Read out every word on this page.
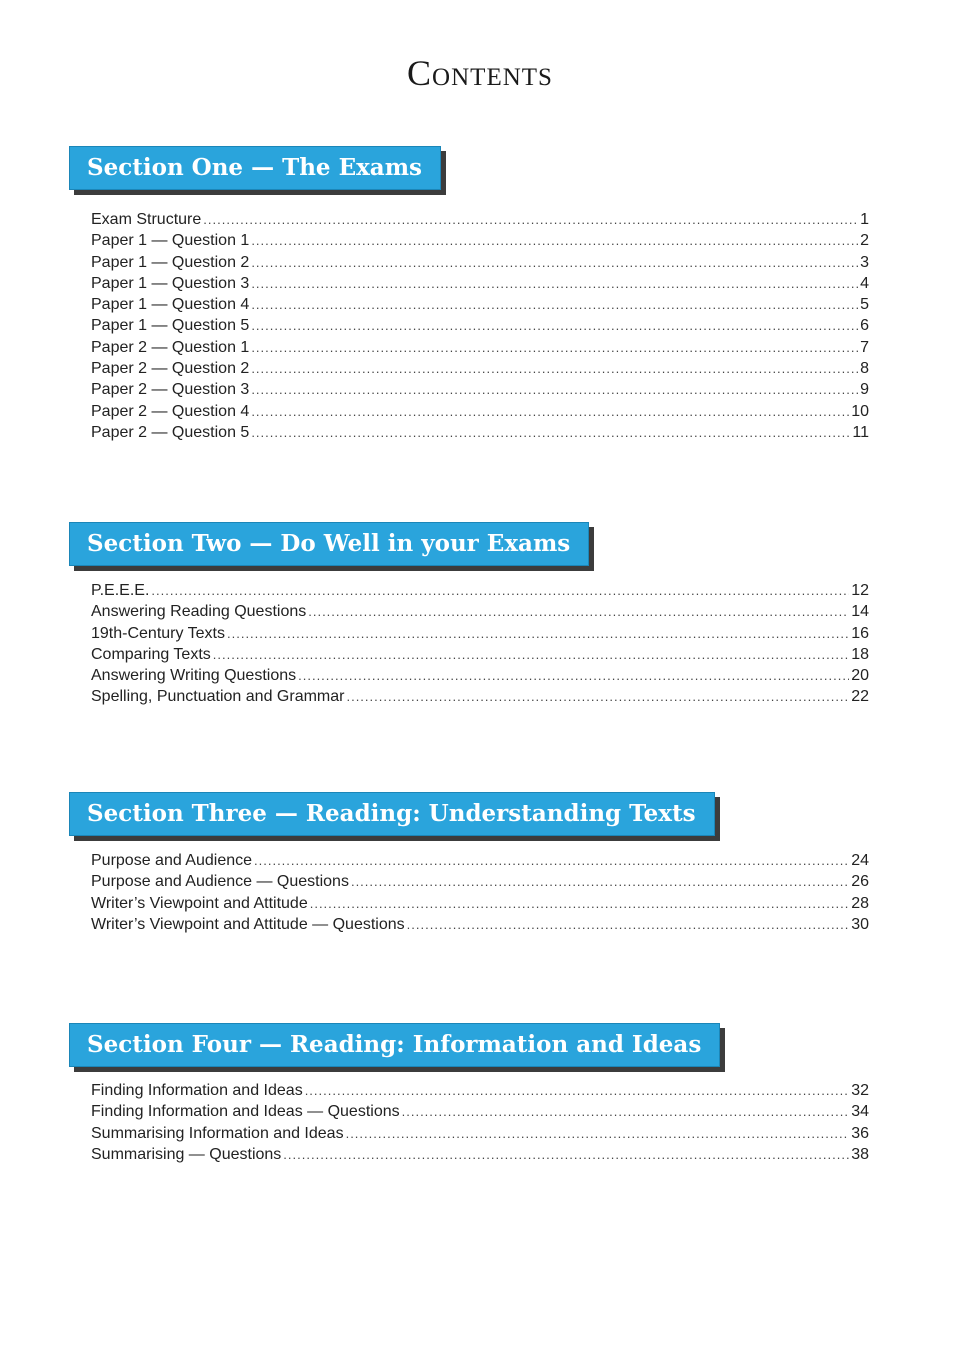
Contents
Section One — The Exams
Exam Structure .....	1
Paper 1 — Question 1 .....	2
Paper 1 — Question 2 .....	3
Paper 1 — Question 3 .....	4
Paper 1 — Question 4 .....	5
Paper 1 — Question 5 .....	6
Paper 2 — Question 1 .....	7
Paper 2 — Question 2 .....	8
Paper 2 — Question 3 .....	9
Paper 2 — Question 4 .....	10
Paper 2 — Question 5 .....	11
Section Two — Do Well in your Exams
P.E.E.E. .....	12
Answering Reading Questions .....	14
19th-Century Texts .....	16
Comparing Texts .....	18
Answering Writing Questions .....	20
Spelling, Punctuation and Grammar .....	22
Section Three — Reading: Understanding Texts
Purpose and Audience .....	24
Purpose and Audience — Questions .....	26
Writer’s Viewpoint and Attitude .....	28
Writer’s Viewpoint and Attitude — Questions .....	30
Section Four — Reading: Information and Ideas
Finding Information and Ideas .....	32
Finding Information and Ideas — Questions .....	34
Summarising Information and Ideas .....	36
Summarising — Questions .....	38
